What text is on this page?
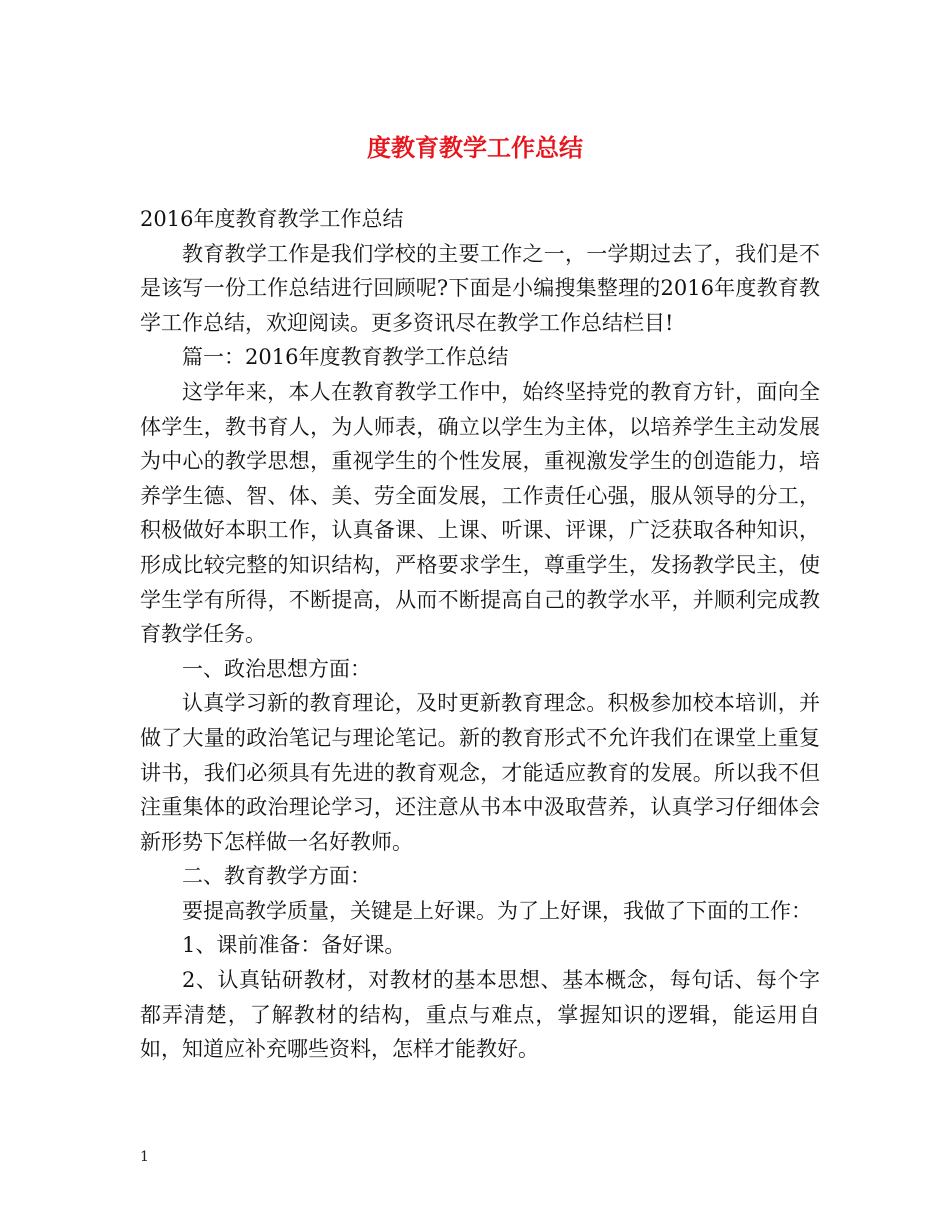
度教育教学工作总结

2016年度教育教学工作总结

教育教学工作是我们学校的主要工作之一，一学期过去了，我们是不是该写一份工作总结进行回顾呢?下面是小编搜集整理的2016年度教育教学工作总结，欢迎阅读。更多资讯尽在教学工作总结栏目!

篇一：2016年度教育教学工作总结

这学年来，本人在教育教学工作中，始终坚持党的教育方针，面向全体学生，教书育人，为人师表，确立以学生为主体，以培养学生主动发展为中心的教学思想，重视学生的个性发展，重视激发学生的创造能力，培养学生德、智、体、美、劳全面发展，工作责任心强，服从领导的分工，积极做好本职工作，认真备课、上课、听课、评课，广泛获取各种知识，形成比较完整的知识结构，严格要求学生，尊重学生，发扬教学民主，使学生学有所得，不断提高，从而不断提高自己的教学水平，并顺利完成教育教学任务。

一、政治思想方面：

认真学习新的教育理论，及时更新教育理念。积极参加校本培训，并做了大量的政治笔记与理论笔记。新的教育形式不允许我们在课堂上重复讲书，我们必须具有先进的教育观念，才能适应教育的发展。所以我不但注重集体的政治理论学习，还注意从书本中汲取营养，认真学习仔细体会新形势下怎样做一名好教师。

二、教育教学方面：

要提高教学质量，关键是上好课。为了上好课，我做了下面的工作：

1、课前准备：备好课。

2、认真钻研教材，对教材的基本思想、基本概念，每句话、每个字都弄清楚，了解教材的结构，重点与难点，掌握知识的逻辑，能运用自如，知道应补充哪些资料，怎样才能教好。

1
